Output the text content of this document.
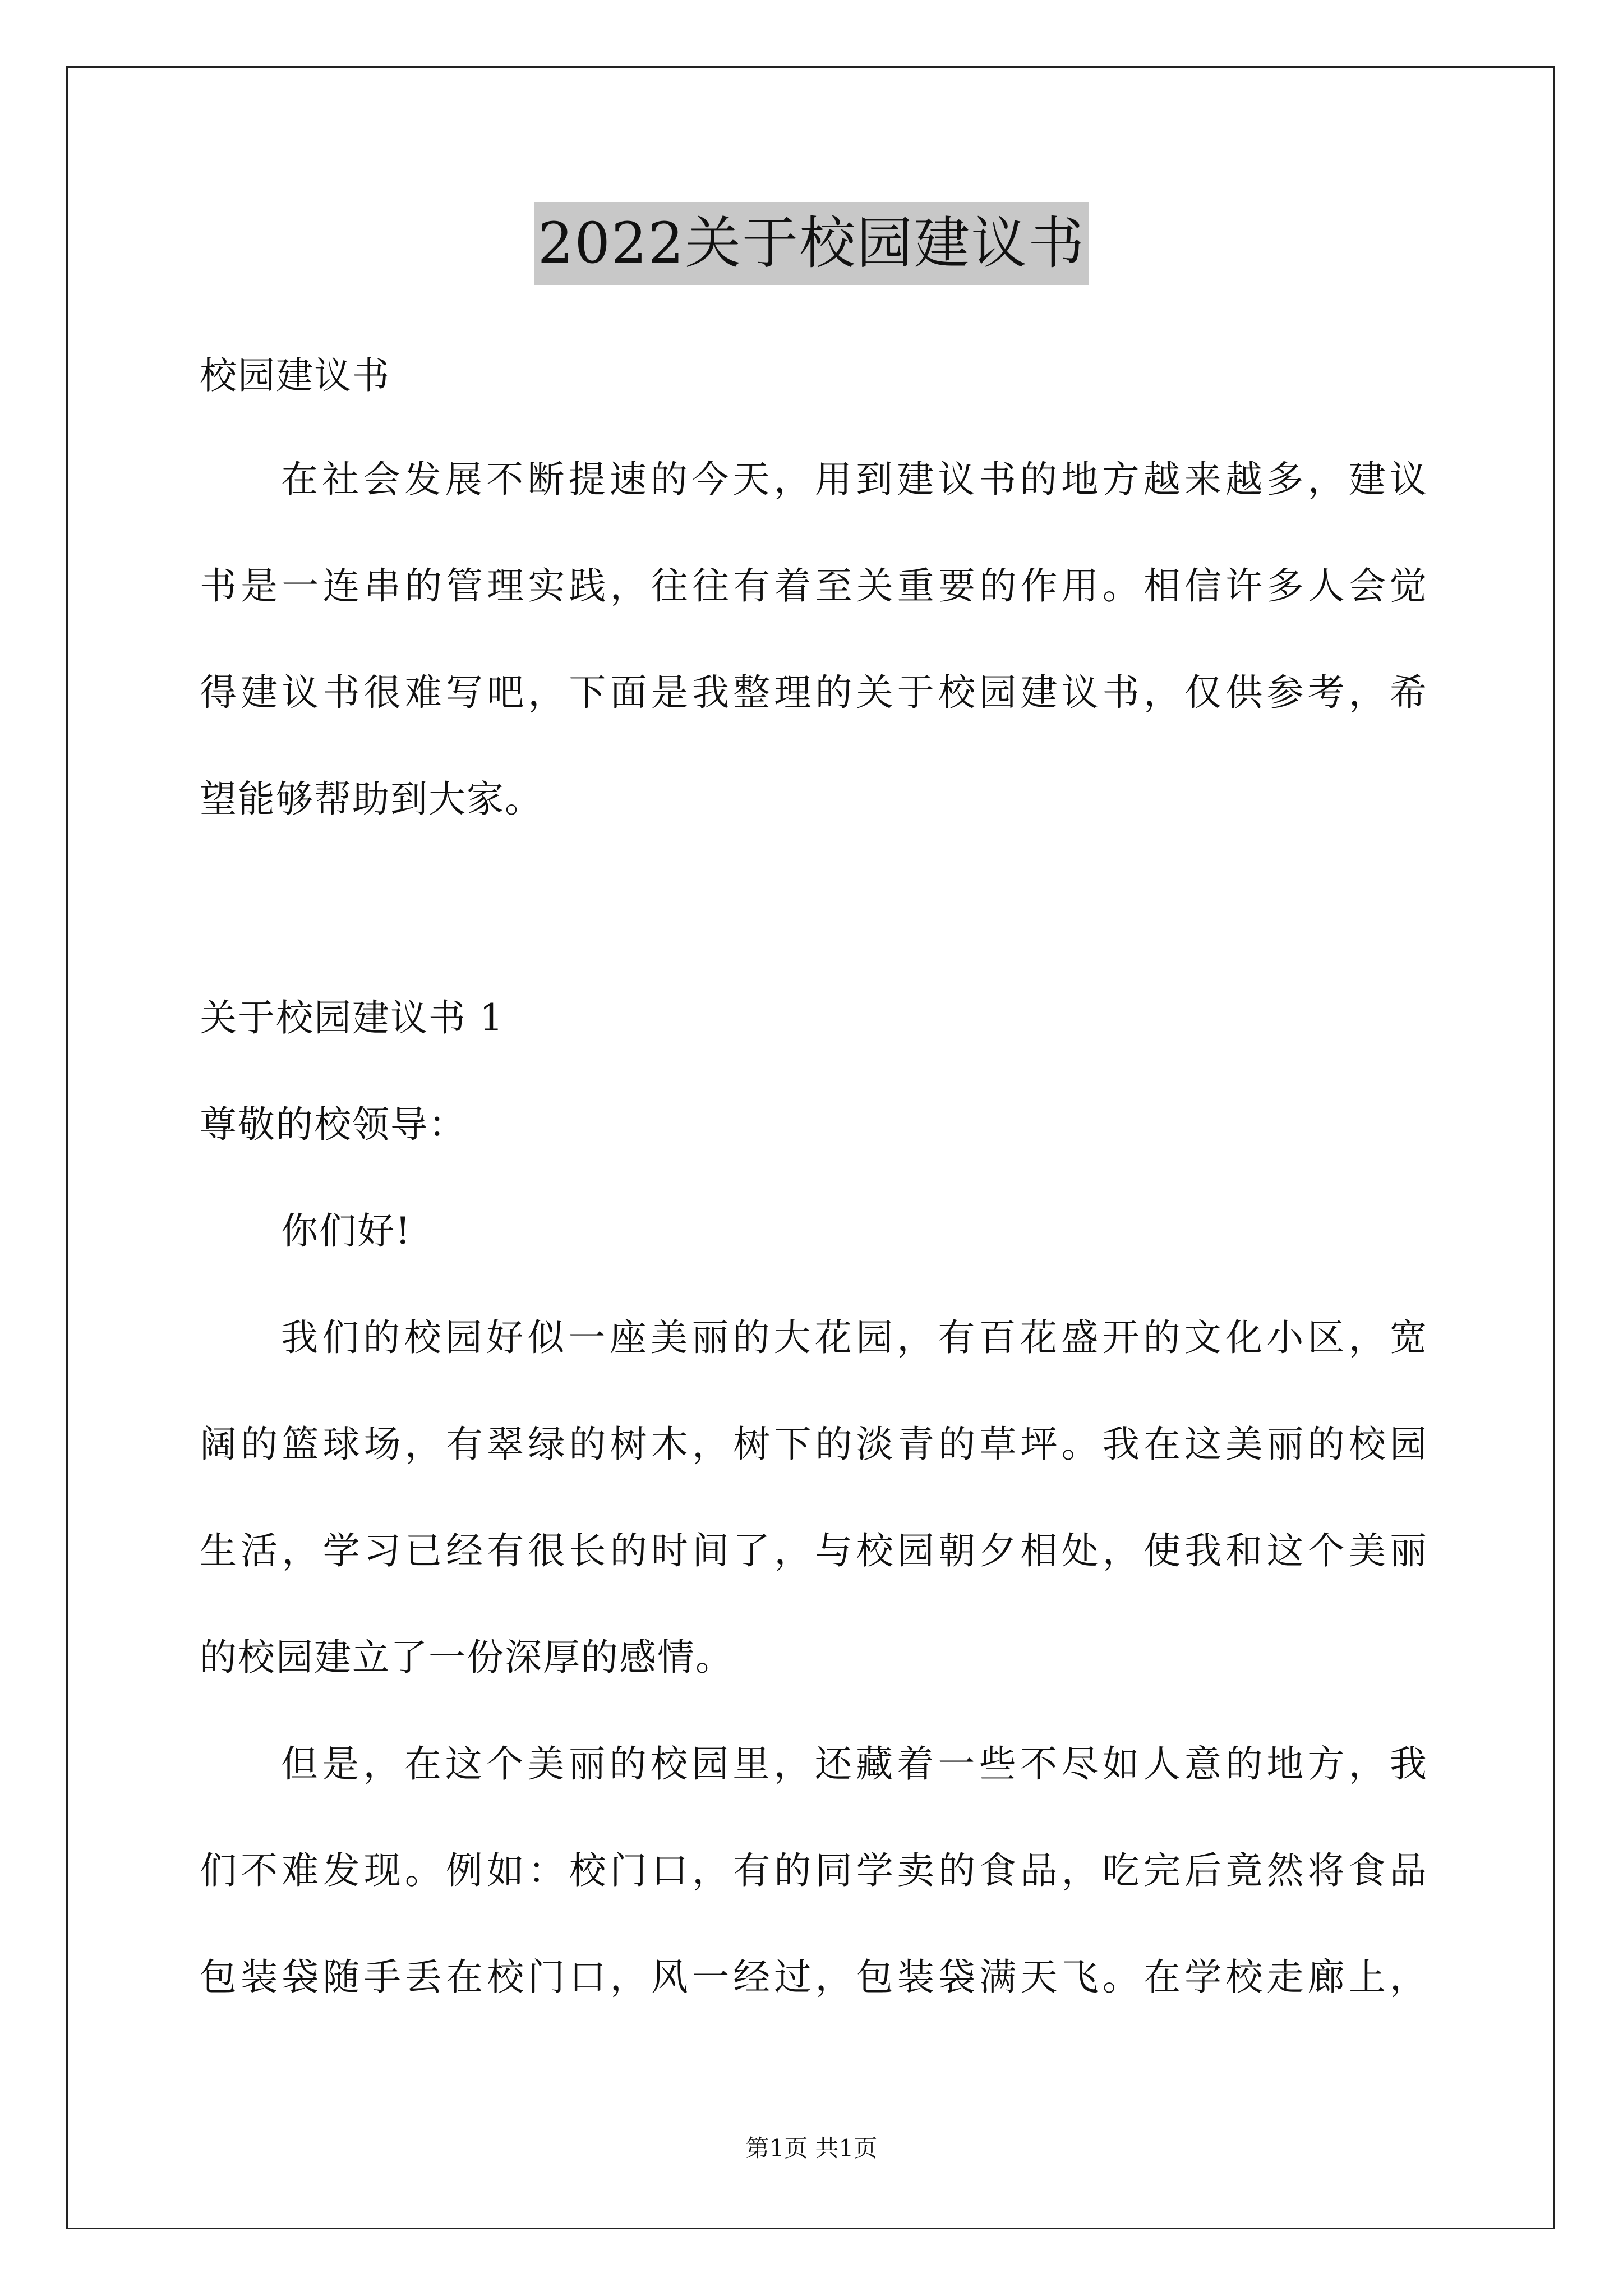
2022关于校园建议书
校园建议书
在社会发展不断提速的今天，用到建议书的地方越来越多，建议
书是一连串的管理实践，往往有着至关重要的作用。相信许多人会觉
得建议书很难写吧，下面是我整理的关于校园建议书，仅供参考，希
望能够帮助到大家。
关于校园建议书 1
尊敬的校领导：
你们好!
我们的校园好似一座美丽的大花园，有百花盛开的文化小区，宽
阔的篮球场，有翠绿的树木，树下的淡青的草坪。我在这美丽的校园
生活，学习已经有很长的时间了，与校园朝夕相处，使我和这个美丽
的校园建立了一份深厚的感情。
但是，在这个美丽的校园里，还藏着一些不尽如人意的地方，我
们不难发现。例如：校门口，有的同学卖的食品，吃完后竟然将食品
包装袋随手丢在校门口，风一经过，包装袋满天飞。在学校走廊上，
第1页 共1页
